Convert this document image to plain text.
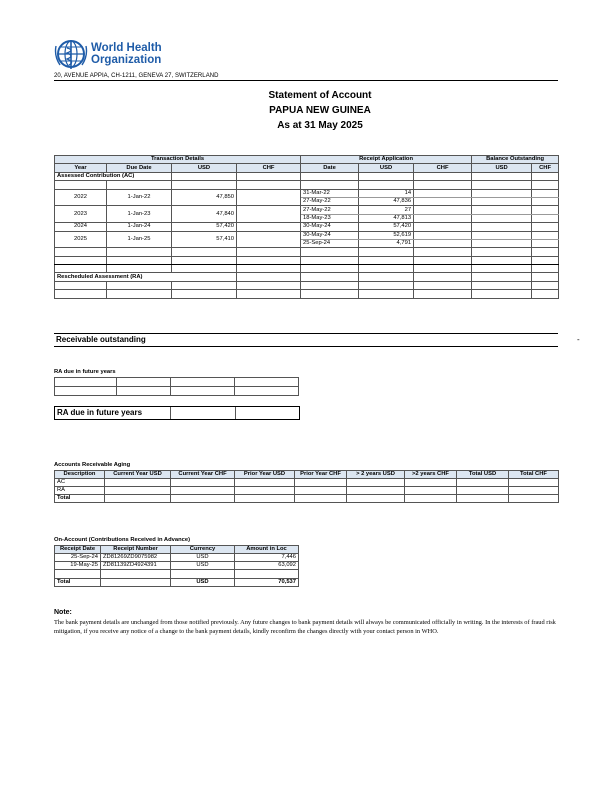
World Health
Organization
20, AVENUE APPIA, CH-1211, GENEVA 27, SWITZERLAND
Statement of Account
PAPUA NEW GUINEA
As at 31 May 2025
Transaction Details				Receipt Application			Balance Outstanding	
Year	Due Date	USD	CHF	Date	USD	CHF	USD	CHF
Assessed Contribution (AC)								

2022	1-Jan-22	47,850		31-Mar-22	14			
				27-May-22	47,836			
2023	1-Jan-23	47,840		27-May-22	27			
				18-May-23	47,813			
2024	1-Jan-24	57,420		30-May-24	57,420			
2025	1-Jan-25	57,410		30-May-24	52,619			
				25-Sep-24	4,791			

Rescheduled Assessment (RA)								

Receivable outstanding	-
RA due in future years

RA due in future years
Accounts Receivable Aging
Description	Current Year USD	Current Year CHF	Prior Year USD	Prior Year CHF	> 2 years USD	>2 years CHF	Total USD	Total CHF
AC								
RA								
Total								
On-Account (Contributions Received in Advance)
Receipt Date	Receipt Number	Currency	Amount in Loc
25-Sep-24	ZD81269ZD9075982	USD	7,446
19-May-25	ZD81139ZD4924391	USD	63,092

Total		USD	70,537
Note:
The bank payment details are unchanged from those notified previously. Any future changes to bank payment details will always be communicated officially in writing. In the interests of fraud risk mitigation, if you receive any notice of a change to the bank payment details, kindly reconfirm the changes directly with your contact person in WHO.
